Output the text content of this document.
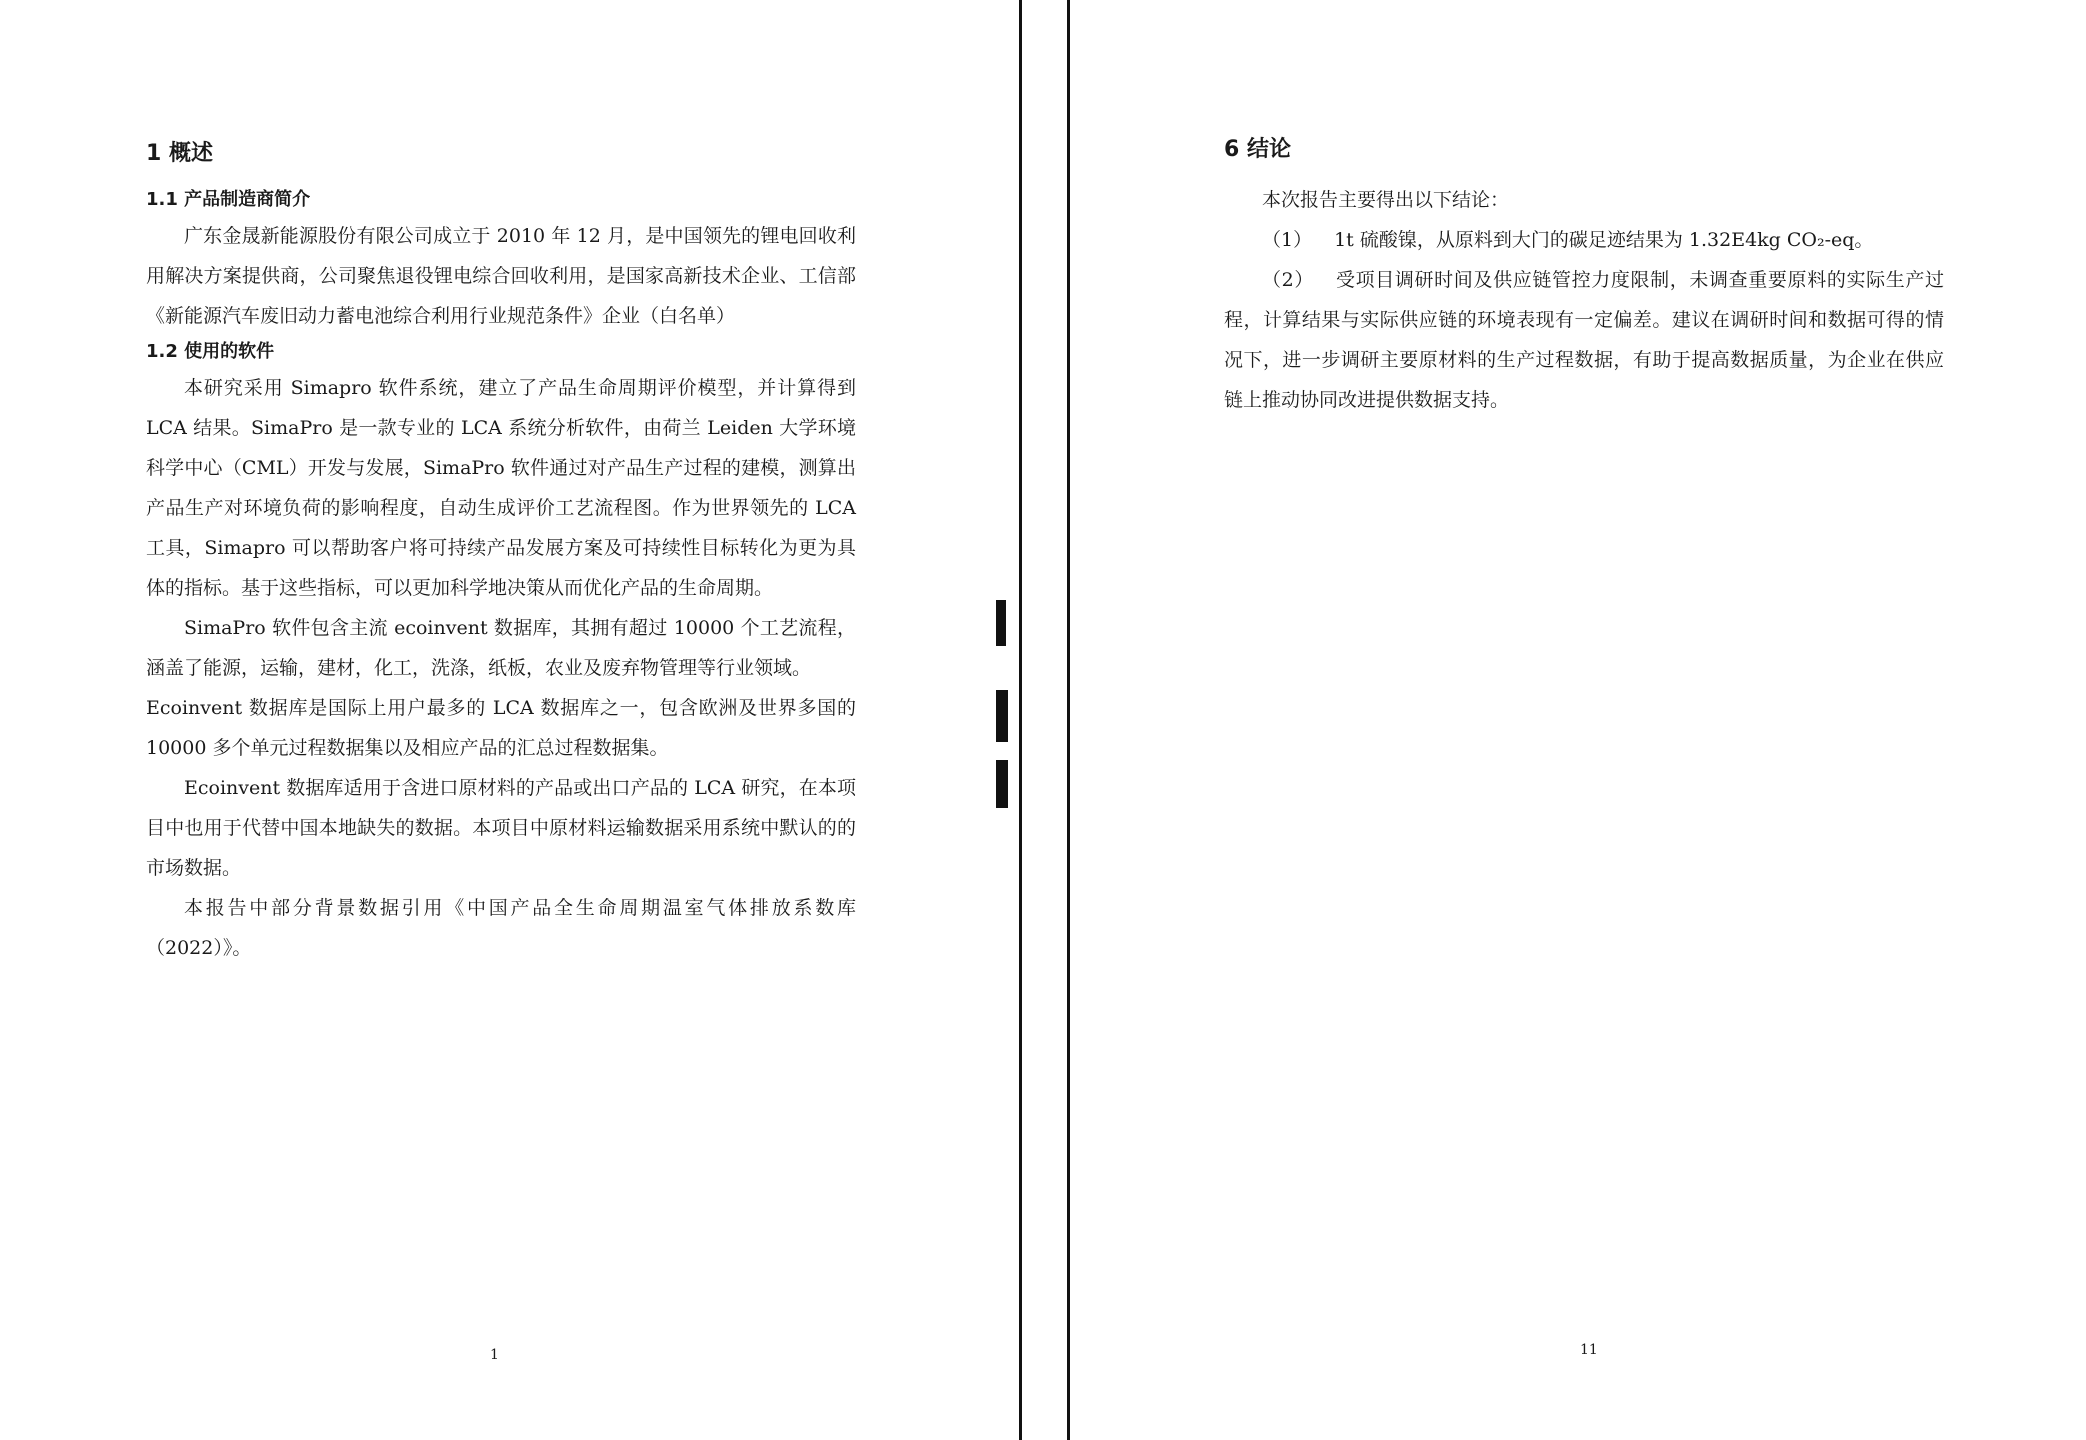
1 概述
1.1 产品制造商简介

广东金晟新能源股份有限公司成立于 2010 年 12 月，是中国领先的锂电回收利用解决方案提供商，公司聚焦退役锂电综合回收利用，是国家高新技术企业、工信部《新能源汽车废旧动力蓄电池综合利用行业规范条件》企业（白名单）

1.2 使用的软件

本研究采用 Simapro 软件系统，建立了产品生命周期评价模型，并计算得到 LCA 结果。SimaPro 是一款专业的 LCA 系统分析软件，由荷兰 Leiden 大学环境科学中心（CML）开发与发展，SimaPro 软件通过对产品生产过程的建模，测算出产品生产对环境负荷的影响程度，自动生成评价工艺流程图。作为世界领先的 LCA 工具，Simapro 可以帮助客户将可持续产品发展方案及可持续性目标转化为更为具体的指标。基于这些指标，可以更加科学地决策从而优化产品的生命周期。

SimaPro 软件包含主流 ecoinvent 数据库，其拥有超过 10000 个工艺流程，涵盖了能源，运输，建材，化工，洗涤，纸板，农业及废弃物管理等行业领域。

Ecoinvent 数据库是国际上用户最多的 LCA 数据库之一，包含欧洲及世界多国的 10000 多个单元过程数据集以及相应产品的汇总过程数据集。

Ecoinvent 数据库适用于含进口原材料的产品或出口产品的 LCA 研究，在本项目中也用于代替中国本地缺失的数据。本项目中原材料运输数据采用系统中默认的的市场数据。

本报告中部分背景数据引用《中国产品全生命周期温室气体排放系数库（2022）》。

1
6 结论

本次报告主要得出以下结论：

（1） 1t 硫酸镍，从原料到大门的碳足迹结果为 1.32E4kg CO₂-eq。

（2） 受项目调研时间及供应链管控力度限制，未调查重要原料的实际生产过程，计算结果与实际供应链的环境表现有一定偏差。建议在调研时间和数据可得的情况下，进一步调研主要原材料的生产过程数据，有助于提高数据质量，为企业在供应链上推动协同改进提供数据支持。

11
